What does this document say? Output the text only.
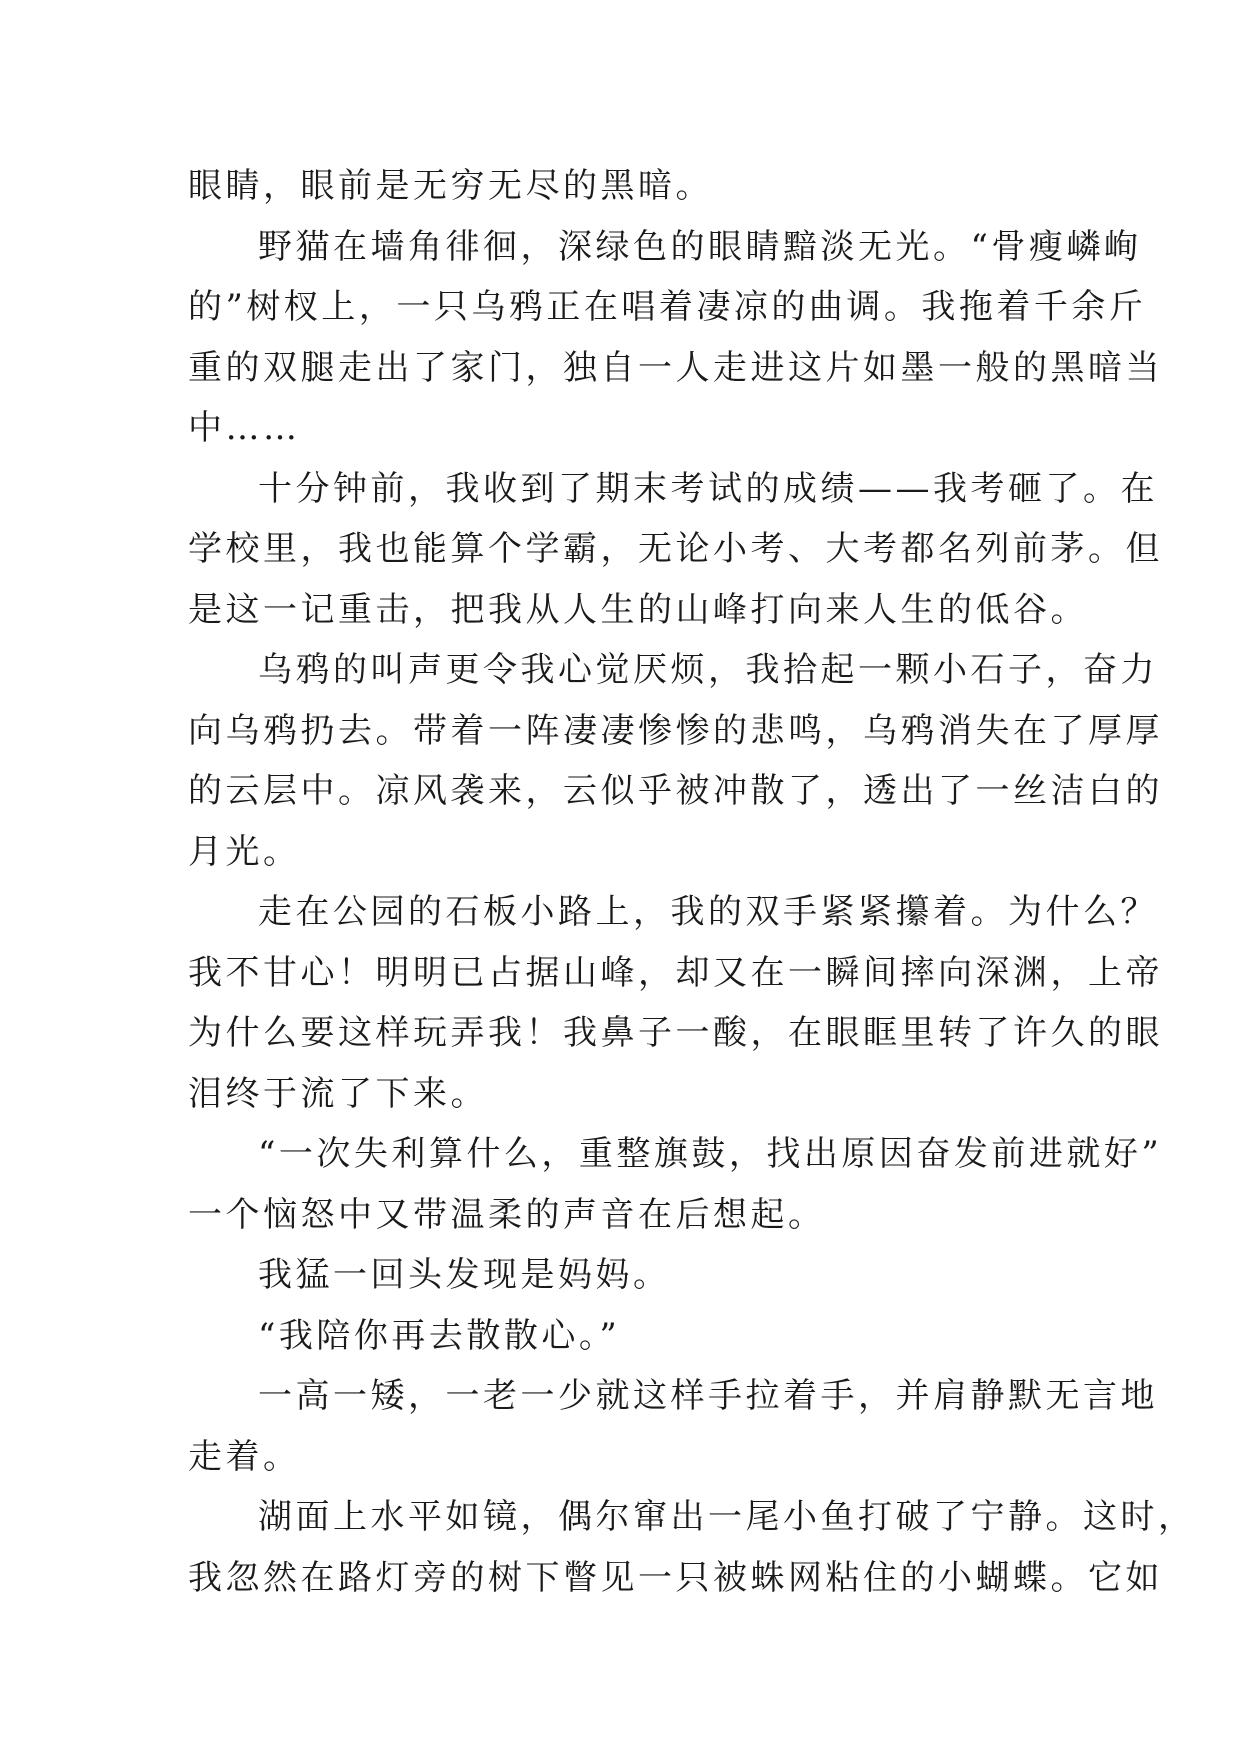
眼睛，眼前是无穷无尽的黑暗。
野猫在墙角徘徊，深绿色的眼睛黯淡无光。“骨瘦嶙峋
的”树杈上，一只乌鸦正在唱着凄凉的曲调。我拖着千余斤
重的双腿走出了家门，独自一人走进这片如墨一般的黑暗当
中……
十分钟前，我收到了期末考试的成绩——我考砸了。在
学校里，我也能算个学霸，无论小考、大考都名列前茅。但
是这一记重击，把我从人生的山峰打向来人生的低谷。
乌鸦的叫声更令我心觉厌烦，我拾起一颗小石子，奋力
向乌鸦扔去。带着一阵凄凄惨惨的悲鸣，乌鸦消失在了厚厚
的云层中。凉风袭来，云似乎被冲散了，透出了一丝洁白的
月光。
走在公园的石板小路上，我的双手紧紧攥着。为什么？
我不甘心！明明已占据山峰，却又在一瞬间摔向深渊，上帝
为什么要这样玩弄我！我鼻子一酸，在眼眶里转了许久的眼
泪终于流了下来。
“一次失利算什么，重整旗鼓，找出原因奋发前进就好”
一个恼怒中又带温柔的声音在后想起。
我猛一回头发现是妈妈。
“我陪你再去散散心。”
一高一矮，一老一少就这样手拉着手，并肩静默无言地
走着。
湖面上水平如镜，偶尔窜出一尾小鱼打破了宁静。这时，
我忽然在路灯旁的树下瞥见一只被蛛网粘住的小蝴蝶。它如
